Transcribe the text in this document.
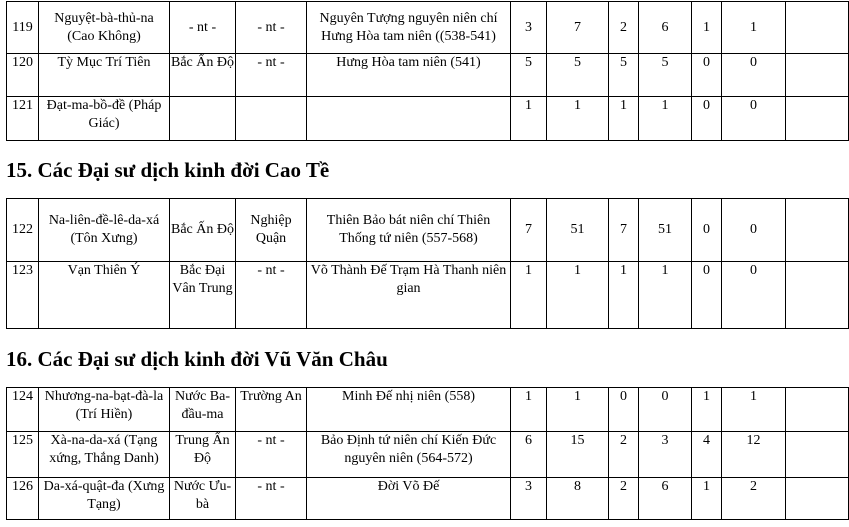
119	Nguyệt-bà-thủ-na (Cao Không)	- nt -	- nt -	Nguyên Tượng nguyên niên chí Hưng Hòa tam niên ((538-541)	3	7	2	6	1	1	
120	Tỳ Mục Trí Tiên	Bắc Ấn Độ	- nt -	Hưng Hòa tam niên (541)	5	5	5	5	0	0	
121	Đạt-ma-bồ-đề (Pháp Giác)				1	1	1	1	0	0	
15. Các Đại sư dịch kinh đời Cao Tề
122	Na-liên-đề-lê-da-xá (Tôn Xưng)	Bắc Ấn Độ	Nghiệp Quận	Thiên Bảo bát niên chí Thiên Thống tứ niên (557-568)	7	51	7	51	0	0	
123	Vạn Thiên Ý	Bắc Đại Vân Trung	- nt -	Võ Thành Đế Trạm Hà Thanh niên gian	1	1	1	1	0	0	
16. Các Đại sư dịch kinh đời Vũ Văn Châu
124	Nhương-na-bạt-đà-la (Trí Hiền)	Nước Ba-đầu-ma	Trường An	Minh Đế nhị niên (558)	1	1	0	0	1	1	
125	Xà-na-da-xá (Tạng xứng, Thắng Danh)	Trung Ấn Độ	- nt -	Bảo Định tứ niên chí Kiến Đức nguyên niên (564-572)	6	15	2	3	4	12	
126	Da-xá-quật-đa (Xưng Tạng)	Nước Ưu-bà	- nt -	Đời Võ Đế	3	8	2	6	1	2	
